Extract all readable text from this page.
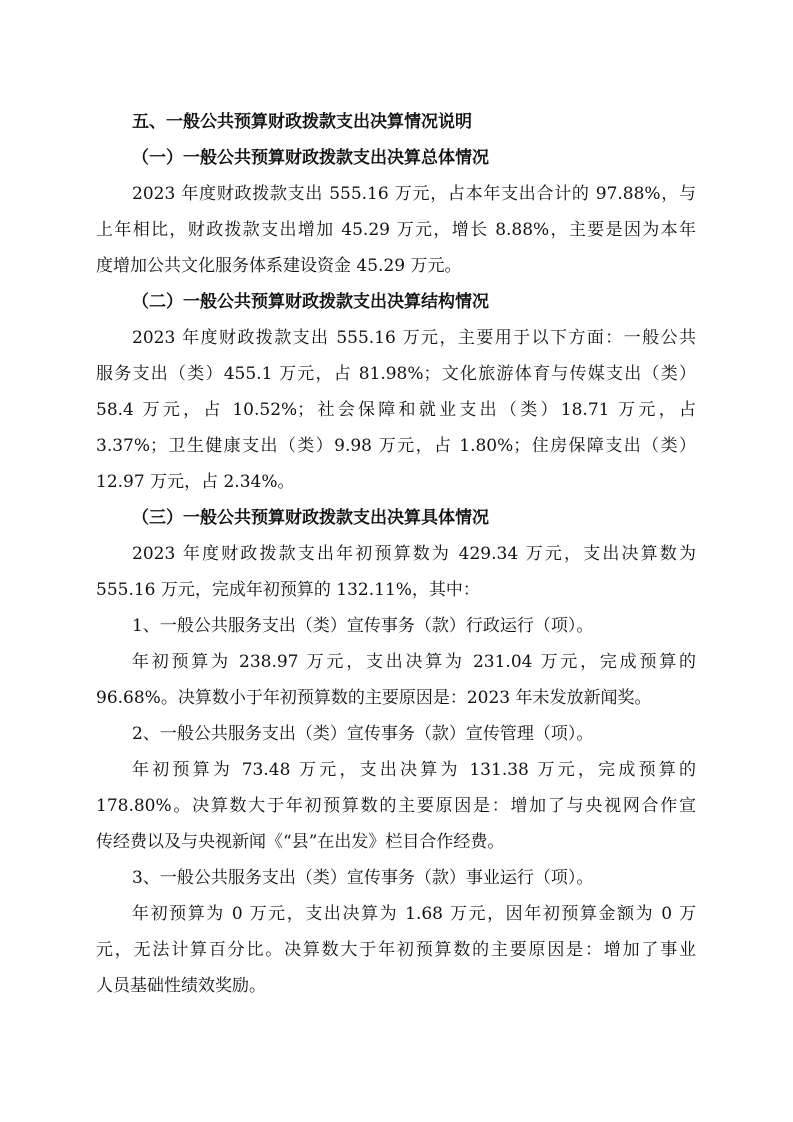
五、一般公共预算财政拨款支出决算情况说明
（一）一般公共预算财政拨款支出决算总体情况
2023 年度财政拨款支出 555.16 万元，占本年支出合计的 97.88%，与
上年相比，财政拨款支出增加 45.29 万元，增长 8.88%，主要是因为本年
度增加公共文化服务体系建设资金 45.29 万元。
（二）一般公共预算财政拨款支出决算结构情况
2023 年度财政拨款支出 555.16 万元，主要用于以下方面：一般公共
服务支出（类）455.1 万元，占 81.98%；文化旅游体育与传媒支出（类）
58.4 万元，占 10.52%；社会保障和就业支出（类）18.71 万元，占
3.37%；卫生健康支出（类）9.98 万元，占 1.80%；住房保障支出（类）
12.97 万元，占 2.34%。
（三）一般公共预算财政拨款支出决算具体情况
2023 年度财政拨款支出年初预算数为 429.34 万元，支出决算数为
555.16 万元，完成年初预算的 132.11%，其中：
1、一般公共服务支出（类）宣传事务（款）行政运行（项）。
年初预算为 238.97 万元，支出决算为 231.04 万元，完成预算的
96.68%。决算数小于年初预算数的主要原因是：2023 年未发放新闻奖。
2、一般公共服务支出（类）宣传事务（款）宣传管理（项）。
年初预算为 73.48 万元，支出决算为 131.38 万元，完成预算的
178.80%。决算数大于年初预算数的主要原因是：增加了与央视网合作宣
传经费以及与央视新闻《“县”在出发》栏目合作经费。
3、一般公共服务支出（类）宣传事务（款）事业运行（项）。
年初预算为 0 万元，支出决算为 1.68 万元，因年初预算金额为 0 万
元，无法计算百分比。决算数大于年初预算数的主要原因是：增加了事业
人员基础性绩效奖励。
